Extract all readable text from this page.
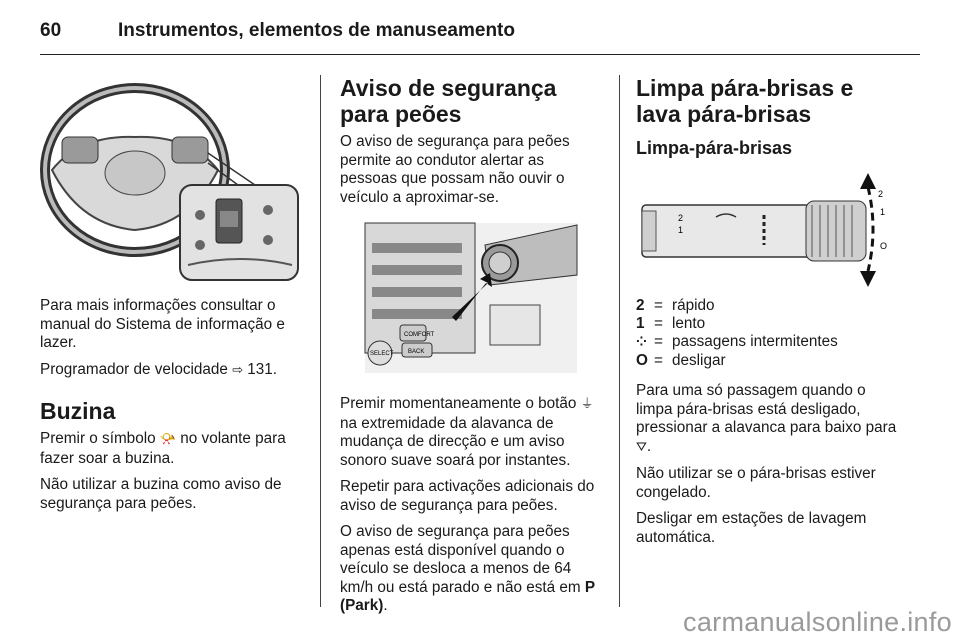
60	Instrumentos, elementos de manuseamento

Para mais informações consultar o manual do Sistema de informação e lazer.

Programador de velocidade ⇨ 131.

Buzina

Premir o símbolo 📯 no volante para fazer soar a buzina.

Não utilizar a buzina como aviso de segurança para peões.

Aviso de segurança para peões

O aviso de segurança para peões permite ao condutor alertar as pessoas que possam não ouvir o veículo a aproximar-se.

COMFORT
SELECT BACK

Premir momentaneamente o botão ⏚ na extremidade da alavanca de mudança de direcção e um aviso sonoro suave soará por instantes.

Repetir para activações adicionais do aviso de segurança para peões.

O aviso de segurança para peões apenas está disponível quando o veículo se desloca a menos de 64 km/h ou está parado e não está em P (Park).

Limpa pára-brisas e lava pára-brisas
Limpa-pára-brisas
2
1
2
1
O
2	=	rápido
1	=	lento
⁘	=	passagens intermitentes
O	=	desligar

Para uma só passagem quando o limpa pára-brisas está desligado, pressionar a alavanca para baixo para ⛛.

Não utilizar se o pára-brisas estiver congelado.

Desligar em estações de lavagem automática.

carmanualsonline.info
